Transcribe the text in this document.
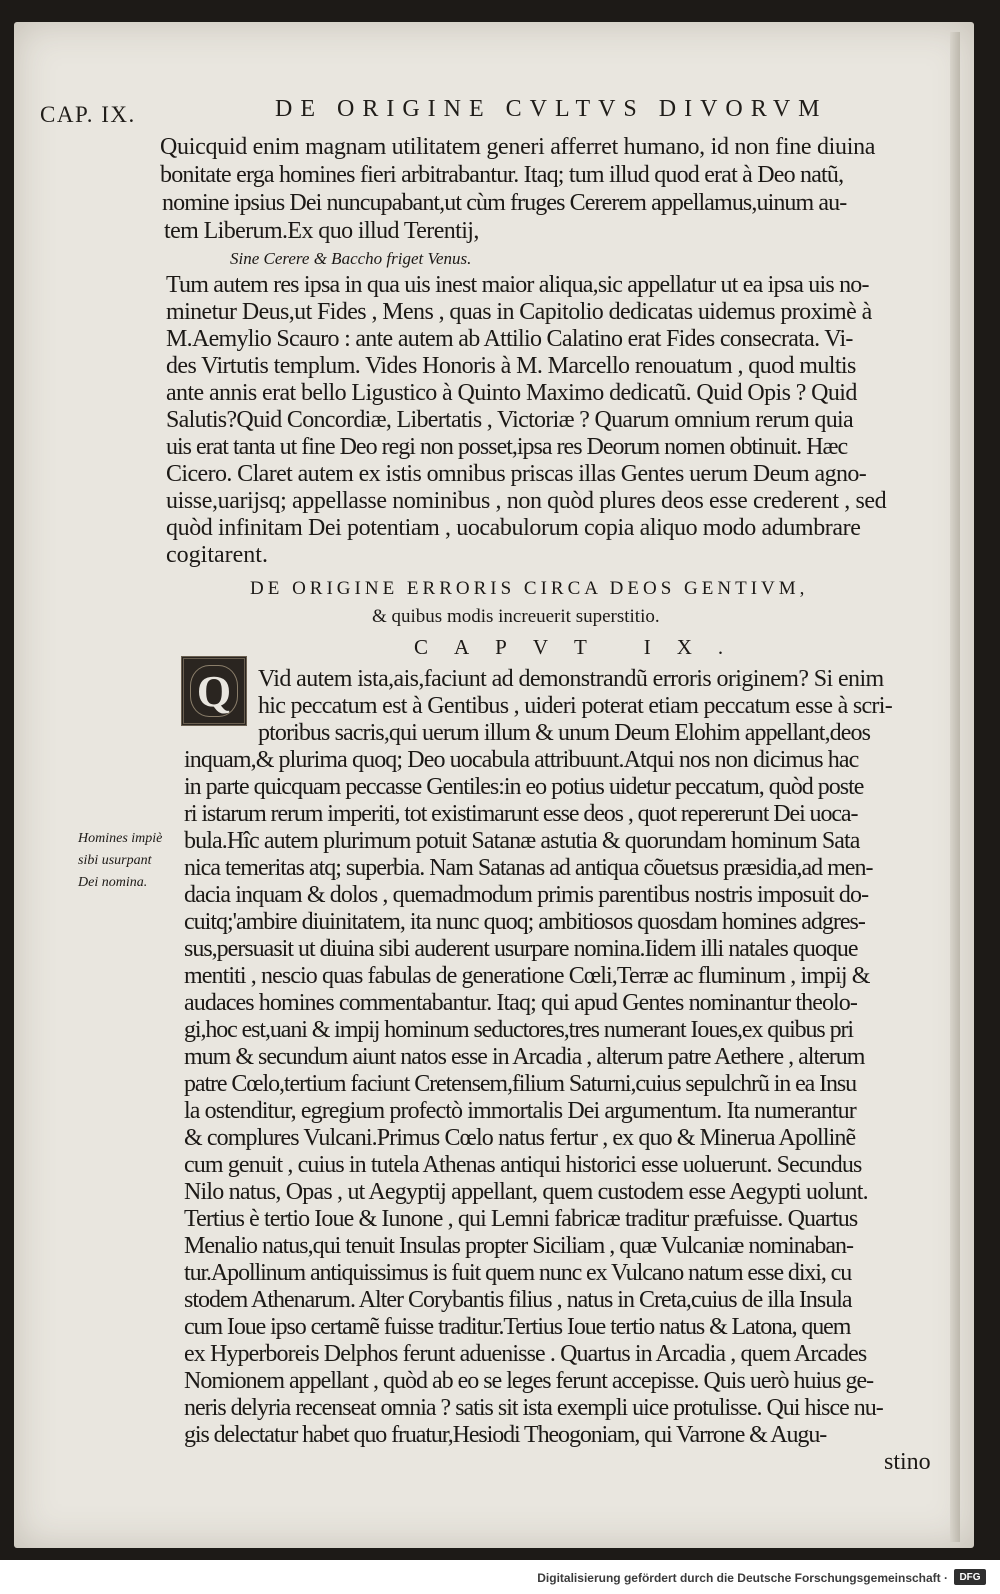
CAP. IX.	DE ORIGINE CVLTVS DIVORVM
Quicquid enim magnam utilitatem generi afferret humano, id non fine diuina
bonitate erga homines fieri arbitrabantur. Itaq; tum illud quod erat à Deo natũ,
nomine ipsius Dei nuncupabant,ut cùm fruges Cererem appellamus,uinum au-
tem Liberum.Ex quo illud Terentij,
Sine Cerere & Baccho friget Venus.
Tum autem res ipsa in qua uis inest maior aliqua,sic appellatur ut ea ipsa uis no-
minetur Deus,ut Fides , Mens , quas in Capitolio dedicatas uidemus proximè à
M.Aemylio Scauro : ante autem ab Attilio Calatino erat Fides consecrata. Vi-
des Virtutis templum. Vides Honoris à M. Marcello renouatum , quod multis
ante annis erat bello Ligustico à Quinto Maximo dedicatũ. Quid Opis ? Quid
Salutis?Quid Concordiæ, Libertatis , Victoriæ ? Quarum omnium rerum quia
uis erat tanta ut fine Deo regi non posset,ipsa res Deorum nomen obtinuit. Hæc
Cicero. Claret autem ex istis omnibus priscas illas Gentes uerum Deum agno-
uisse,uarijsq; appellasse nominibus , non quòd plures deos esse crederent , sed
quòd infinitam Dei potentiam , uocabulorum copia aliquo modo adumbrare
cogitarent.
DE ORIGINE ERRORIS CIRCA DEOS GENTIVM,
& quibus modis increuerit superstitio.
CAPVT IX.
Q	Vid autem ista,ais,faciunt ad demonstrandũ erroris originem? Si enim
hic peccatum est à Gentibus , uideri poterat etiam peccatum esse à scri-
ptoribus sacris,qui uerum illum & unum Deum Elohim appellant,deos
inquam,& plurima quoq; Deo uocabula attribuunt.Atqui nos non dicimus hac
in parte quicquam peccasse Gentiles:in eo potius uidetur peccatum, quòd poste
ri istarum rerum imperiti, tot existimarunt esse deos , quot repererunt Dei uoca-
bula.Hîc autem plurimum potuit Satanæ astutia & quorundam hominum Sata
nica temeritas atq; superbia. Nam Satanas ad antiqua cõuetsus præsidia,ad men-
dacia inquam & dolos , quemadmodum primis parentibus nostris imposuit do-
cuitq;'ambire diuinitatem, ita nunc quoq; ambitiosos quosdam homines adgres-
sus,persuasit ut diuina sibi auderent usurpare nomina.Iidem illi natales quoque
mentiti , nescio quas fabulas de generatione Cœli,Terræ ac fluminum , impij &
audaces homines commentabantur. Itaq; qui apud Gentes nominantur theolo-
gi,hoc est,uani & impij hominum seductores,tres numerant Ioues,ex quibus pri
mum & secundum aiunt natos esse in Arcadia , alterum patre Aethere , alterum
patre Cœlo,tertium faciunt Cretensem,filium Saturni,cuius sepulchrũ in ea Insu
la ostenditur, egregium profectò immortalis Dei argumentum. Ita numerantur
& complures Vulcani.Primus Cœlo natus fertur , ex quo & Minerua Apollinẽ
cum genuit , cuius in tutela Athenas antiqui historici esse uoluerunt. Secundus
Nilo natus, Opas , ut Aegyptij appellant, quem custodem esse Aegypti uolunt.
Tertius è tertio Ioue & Iunone , qui Lemni fabricæ traditur præfuisse. Quartus
Menalio natus,qui tenuit Insulas propter Siciliam , quæ Vulcaniæ nominaban-
tur.Apollinum antiquissimus is fuit quem nunc ex Vulcano natum esse dixi, cu
stodem Athenarum. Alter Corybantis filius , natus in Creta,cuius de illa Insula
cum Ioue ipso certamẽ fuisse traditur.Tertius Ioue tertio natus & Latona, quem
ex Hyperboreis Delphos ferunt aduenisse . Quartus in Arcadia , quem Arcades
Nomionem appellant , quòd ab eo se leges ferunt accepisse. Quis uerò huius ge-
neris delyria recenseat omnia ? satis sit ista exempli uice protulisse. Qui hisce nu-
gis delectatur habet quo fruatur,Hesiodi Theogoniam, qui Varrone & Augu-
stino
Homines impiè
sibi usurpant
Dei nomina.
Digitalisierung gefördert durch die Deutsche Forschungsgemeinschaft ·	DFG
